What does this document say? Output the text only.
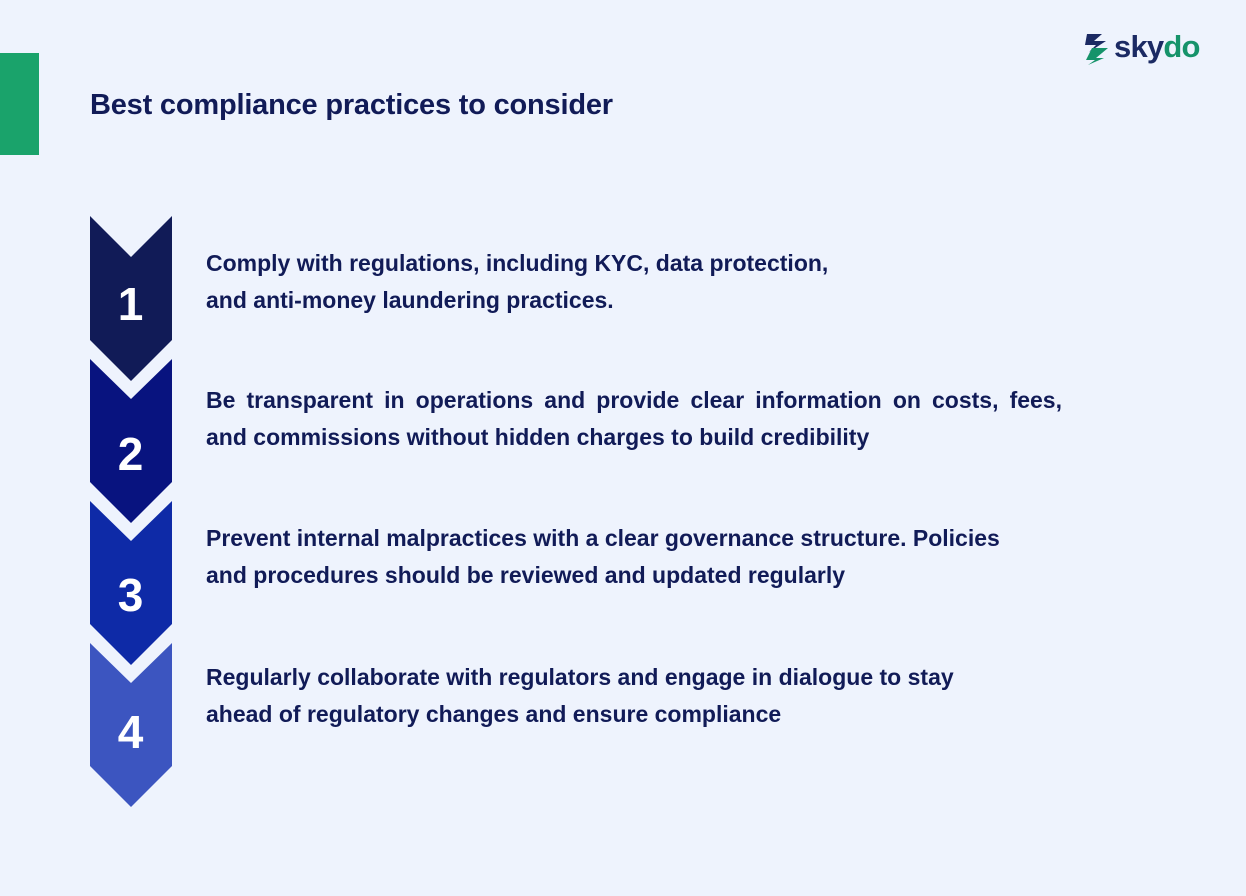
Best compliance practices to consider
skydo
1
2
3
4

Comply with regulations, including KYC, data protection,
and anti-money laundering practices.

Be transparent in operations and provide clear information on costs, fees, and commissions without hidden charges to build credibility

Prevent internal malpractices with a clear governance structure. Policies
and procedures should be reviewed and updated regularly

Regularly collaborate with regulators and engage in dialogue to stay
ahead of regulatory changes and ensure compliance
